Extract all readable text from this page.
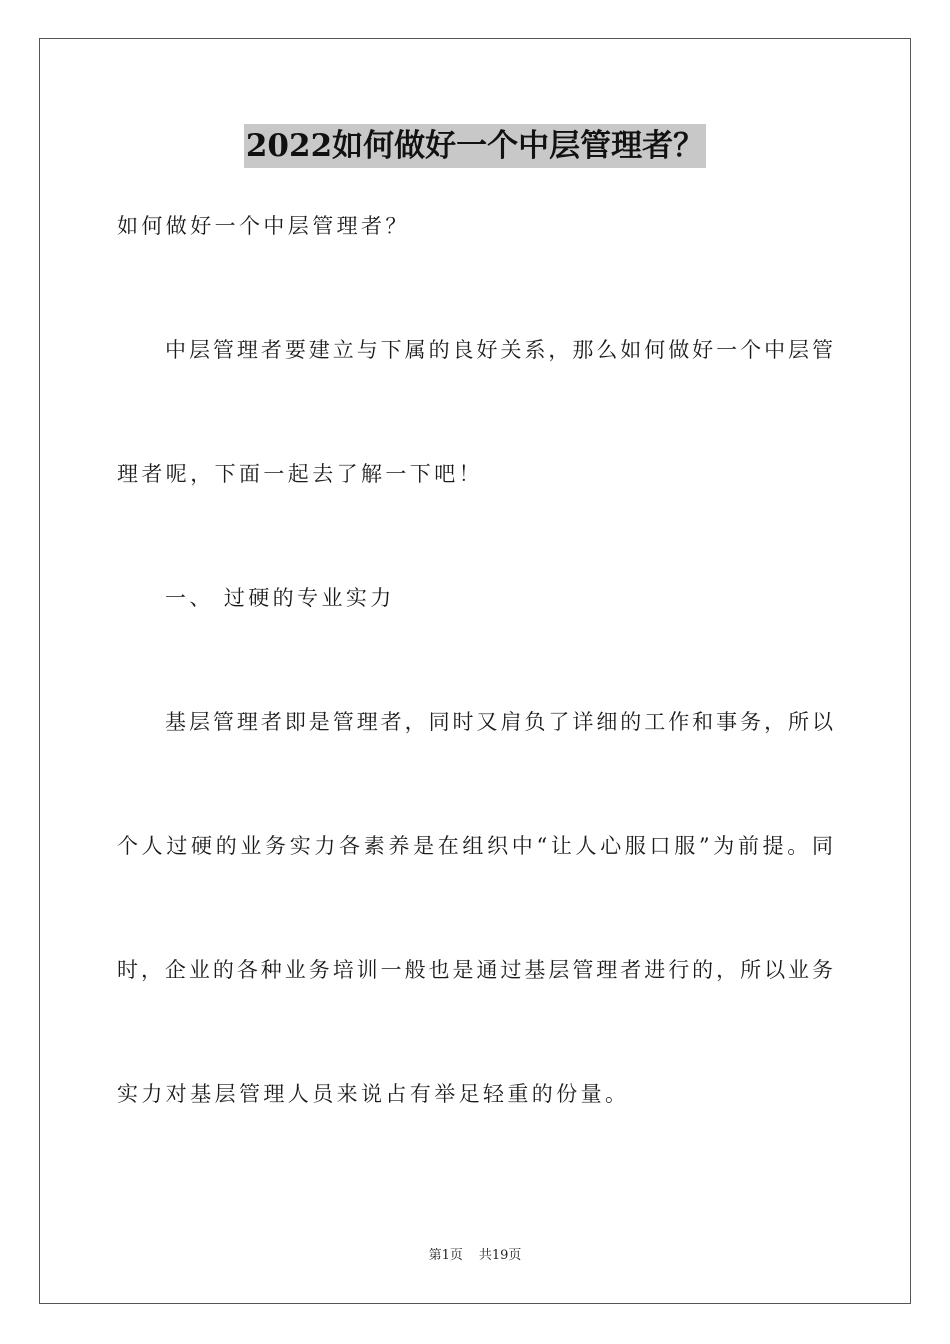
2022如何做好一个中层管理者？
如何做好一个中层管理者？
中层管理者要建立与下属的良好关系，那么如何做好一个中层管
理者呢，下面一起去了解一下吧！
一、 过硬的专业实力
基层管理者即是管理者，同时又肩负了详细的工作和事务，所以
个人过硬的业务实力各素养是在组织中“让人心服口服”为前提。同
时，企业的各种业务培训一般也是通过基层管理者进行的，所以业务
实力对基层管理人员来说占有举足轻重的份量。
第1页 共19页
